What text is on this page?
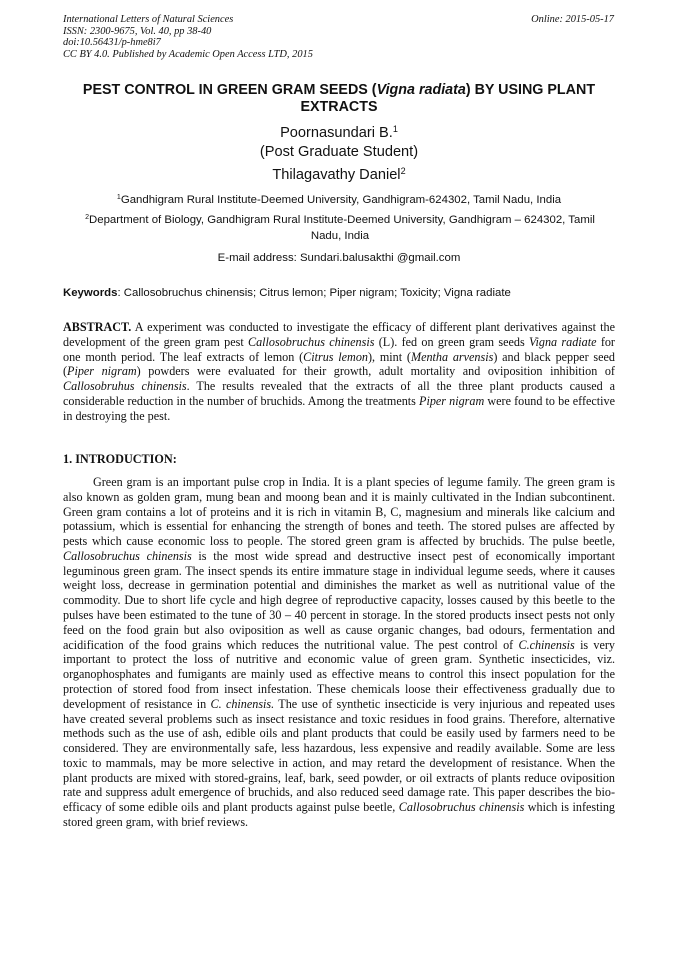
International Letters of Natural Sciences
ISSN: 2300-9675, Vol. 40, pp 38-40
doi:10.56431/p-hme8i7
CC BY 4.0. Published by Academic Open Access LTD, 2015
Online: 2015-05-17
PEST CONTROL IN GREEN GRAM SEEDS (Vigna radiata) BY USING PLANT EXTRACTS
Poornasundari B.$^1$
(Post Graduate Student)
Thilagavathy Daniel$^2$
$^1$Gandhigram Rural Institute-Deemed University, Gandhigram-624302, Tamil Nadu, India
$^2$Department of Biology, Gandhigram Rural Institute-Deemed University, Gandhigram – 624302, Tamil Nadu, India
E-mail address: Sundari.balusakthi @gmail.com
Keywords: Callosobruchus chinensis; Citrus lemon; Piper nigram; Toxicity; Vigna radiate

ABSTRACT. A experiment was conducted to investigate the efficacy of different plant derivatives against the development of the green gram pest Callosobruchus chinensis (L). fed on green gram seeds Vigna radiate for one month period. The leaf extracts of lemon (Citrus lemon), mint (Mentha arvensis) and black pepper seed (Piper nigram) powders were evaluated for their growth, adult mortality and oviposition inhibition of Callosobruhus chinensis. The results revealed that the extracts of all the three plant products caused a considerable reduction in the number of bruchids. Among the treatments Piper nigram were found to be effective in destroying the pest.

1. INTRODUCTION:

Green gram is an important pulse crop in India. It is a plant species of legume family. The green gram is also known as golden gram, mung bean and moong bean and it is mainly cultivated in the Indian subcontinent. Green gram contains a lot of proteins and it is rich in vitamin B, C, magnesium and minerals like calcium and potassium, which is essential for enhancing the strength of bones and teeth. The stored pulses are affected by pests which cause economic loss to people. The stored green gram is affected by bruchids. The pulse beetle, Callosobruchus chinensis is the most wide spread and destructive insect pest of economically important leguminous green gram. The insect spends its entire immature stage in individual legume seeds, where it causes weight loss, decrease in germination potential and diminishes the market as well as nutritional value of the commodity. Due to short life cycle and high degree of reproductive capacity, losses caused by this beetle to the pulses have been estimated to the tune of 30 – 40 percent in storage. In the stored products insect pests not only feed on the food grain but also oviposition as well as cause organic changes, bad odours, fermentation and acidification of the food grains which reduces the nutritional value. The pest control of C.chinensis is very important to protect the loss of nutritive and economic value of green gram. Synthetic insecticides, viz. organophosphates and fumigants are mainly used as effective means to control this insect population for the protection of stored food from insect infestation. These chemicals loose their effectiveness gradually due to development of resistance in C. chinensis. The use of synthetic insecticide is very injurious and repeated uses have created several problems such as insect resistance and toxic residues in food grains. Therefore, alternative methods such as the use of ash, edible oils and plant products that could be easily used by farmers need to be considered. They are environmentally safe, less hazardous, less expensive and readily available. Some are less toxic to mammals, may be more selective in action, and may retard the development of resistance. When the plant products are mixed with stored-grains, leaf, bark, seed powder, or oil extracts of plants reduce oviposition rate and suppress adult emergence of bruchids, and also reduced seed damage rate. This paper describes the bio-efficacy of some edible oils and plant products against pulse beetle, Callosobruchus chinensis which is infesting stored green gram, with brief reviews.
